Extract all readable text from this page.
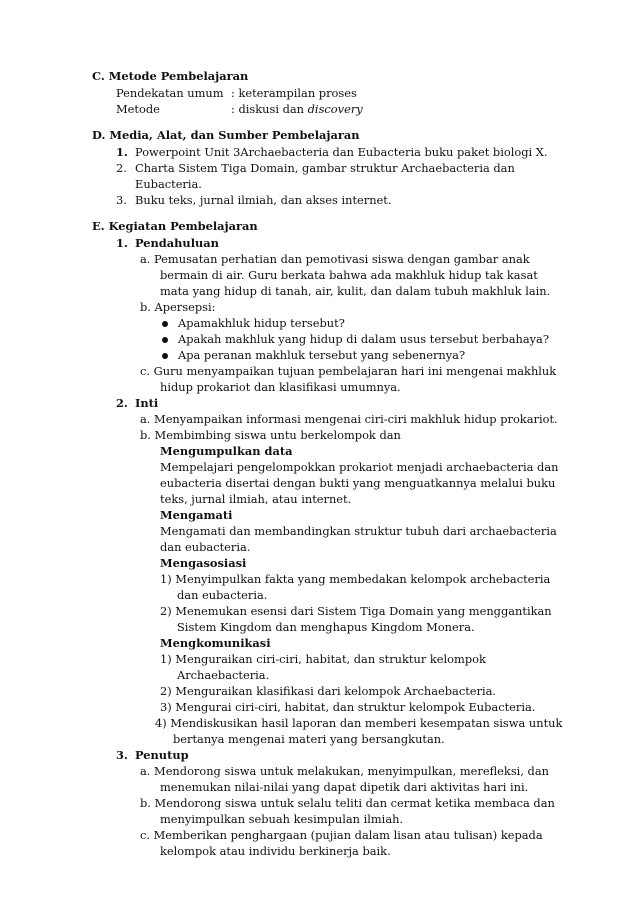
C. Metode Pembelajaran
Pendekatan umum : keterampilan proses
Metode	: diskusi dan discovery
D. Media, Alat, dan Sumber Pembelajaran
1. Powerpoint Unit 3Archaebacteria dan Eubacteria buku paket biologi X.
2. Charta Sistem Tiga Domain, gambar struktur Archaebacteria dan
Eubacteria.
3. Buku teks, jurnal ilmiah, dan akses internet.
E. Kegiatan Pembelajaran
1. Pendahuluan
a. Pemusatan perhatian dan pemotivasi siswa dengan gambar anak
bermain di air. Guru berkata bahwa ada makhluk hidup tak kasat
mata yang hidup di tanah, air, kulit, dan dalam tubuh makhluk lain.
b. Apersepsi:
Apamakhluk hidup tersebut?
Apakah makhluk yang hidup di dalam usus tersebut berbahaya?
Apa peranan makhluk tersebut yang sebenernya?
c. Guru menyampaikan tujuan pembelajaran hari ini mengenai makhluk
hidup prokariot dan klasifikasi umumnya.
2. Inti
a. Menyampaikan informasi mengenai ciri-ciri makhluk hidup prokariot.
b. Membimbing siswa untu berkelompok dan
Mengumpulkan data
Mempelajari pengelompokkan prokariot menjadi archaebacteria dan
eubacteria disertai dengan bukti yang menguatkannya melalui buku
teks, jurnal ilmiah, atau internet.
Mengamati
Mengamati dan membandingkan struktur tubuh dari archaebacteria
dan eubacteria.
Mengasosiasi
1) Menyimpulkan fakta yang membedakan kelompok archebacteria
dan eubacteria.
2) Menemukan esensi dari Sistem Tiga Domain yang menggantikan
Sistem Kingdom dan menghapus Kingdom Monera.
Mengkomunikasi
1) Menguraikan ciri-ciri, habitat, dan struktur kelompok
Archaebacteria.
2) Menguraikan klasifikasi dari kelompok Archaebacteria.
3) Mengurai ciri-ciri, habitat, dan struktur kelompok Eubacteria.
4) Mendiskusikan hasil laporan dan memberi kesempatan siswa untuk
bertanya mengenai materi yang bersangkutan.
3. Penutup
a. Mendorong siswa untuk melakukan, menyimpulkan, merefleksi, dan
menemukan nilai-nilai yang dapat dipetik dari aktivitas hari ini.
b. Mendorong siswa untuk selalu teliti dan cermat ketika membaca dan
menyimpulkan sebuah kesimpulan ilmiah.
c. Memberikan penghargaan (pujian dalam lisan atau tulisan) kepada
kelompok atau individu berkinerja baik.
